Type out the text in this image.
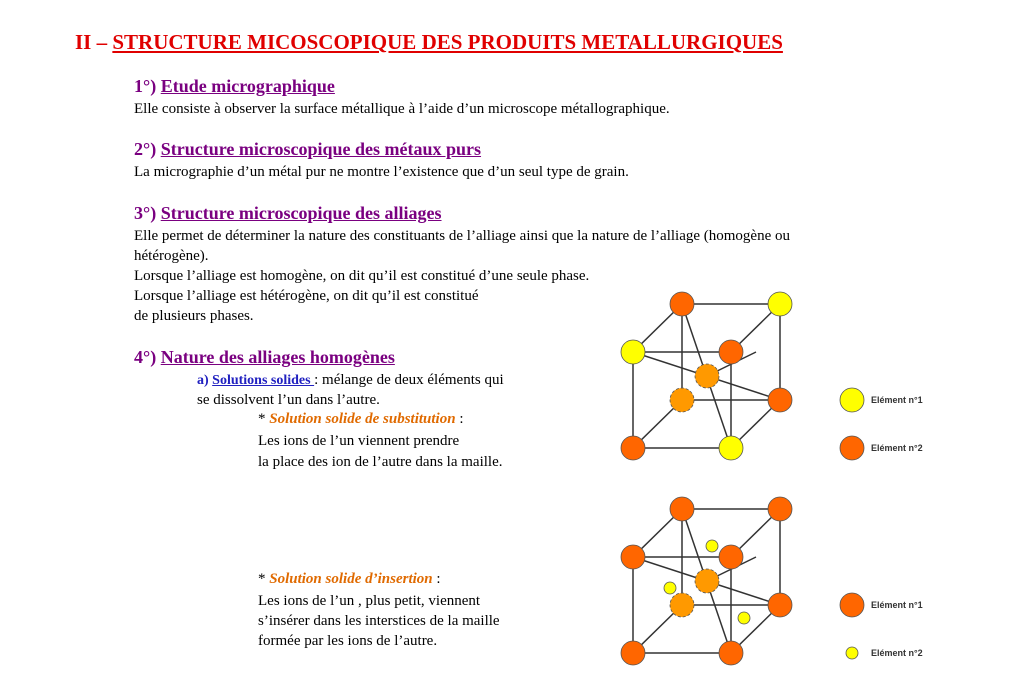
II – STRUCTURE MICOSCOPIQUE DES PRODUITS METALLURGIQUES
1°) Etude micrographique
Elle consiste à observer la surface métallique à l’aide d’un microscope métallographique.
2°) Structure microscopique des métaux purs
La micrographie d’un métal pur ne montre l’existence que d’un seul type de grain.
3°) Structure microscopique des alliages
Elle permet de déterminer la nature des constituants de l’alliage ainsi que la nature de l’alliage (homogène ou
hétérogène).
Lorsque l’alliage est homogène, on dit qu’il est constitué d’une seule phase.
Lorsque l’alliage est hétérogène, on dit qu’il est constitué
de plusieurs phases.
4°) Nature des alliages homogènes
a) Solutions solides : mélange de deux éléments qui
se dissolvent l’un dans l’autre.
* Solution solide de substitution :
Les ions de l’un viennent prendre
la place des ion de l’autre dans la maille.
* Solution solide d’insertion :
Les ions de l’un , plus petit, viennent
s’insérer dans les interstices de la maille
formée par les ions de l’autre.
Elément n°1
Elément n°2
Elément n°1
Elément n°2
